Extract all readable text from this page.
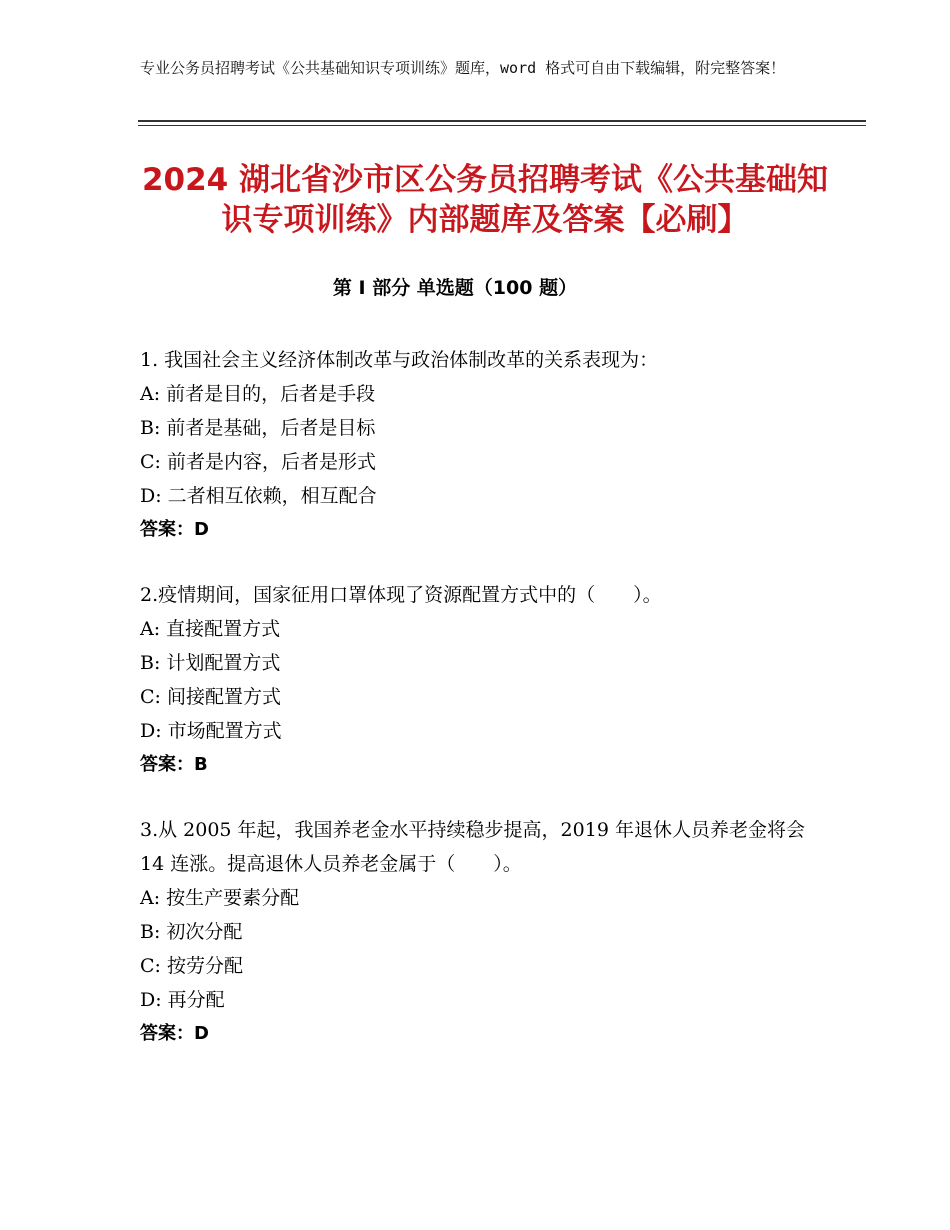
专业公务员招聘考试《公共基础知识专项训练》题库，word 格式可自由下载编辑，附完整答案！
2024 湖北省沙市区公务员招聘考试《公共基础知识专项训练》内部题库及答案【必刷】
第 I 部分 单选题（100 题）

1. 我国社会主义经济体制改革与政治体制改革的关系表现为：

A: 前者是目的，后者是手段

B: 前者是基础，后者是目标

C: 前者是内容，后者是形式

D: 二者相互依赖，相互配合

答案：D

2.疫情期间，国家征用口罩体现了资源配置方式中的（　　）。

A: 直接配置方式

B: 计划配置方式

C: 间接配置方式

D: 市场配置方式

答案：B

3.从 2005 年起，我国养老金水平持续稳步提高，2019 年退休人员养老金将会 14 连涨。提高退休人员养老金属于（　　）。

A: 按生产要素分配

B: 初次分配

C: 按劳分配

D: 再分配

答案：D
